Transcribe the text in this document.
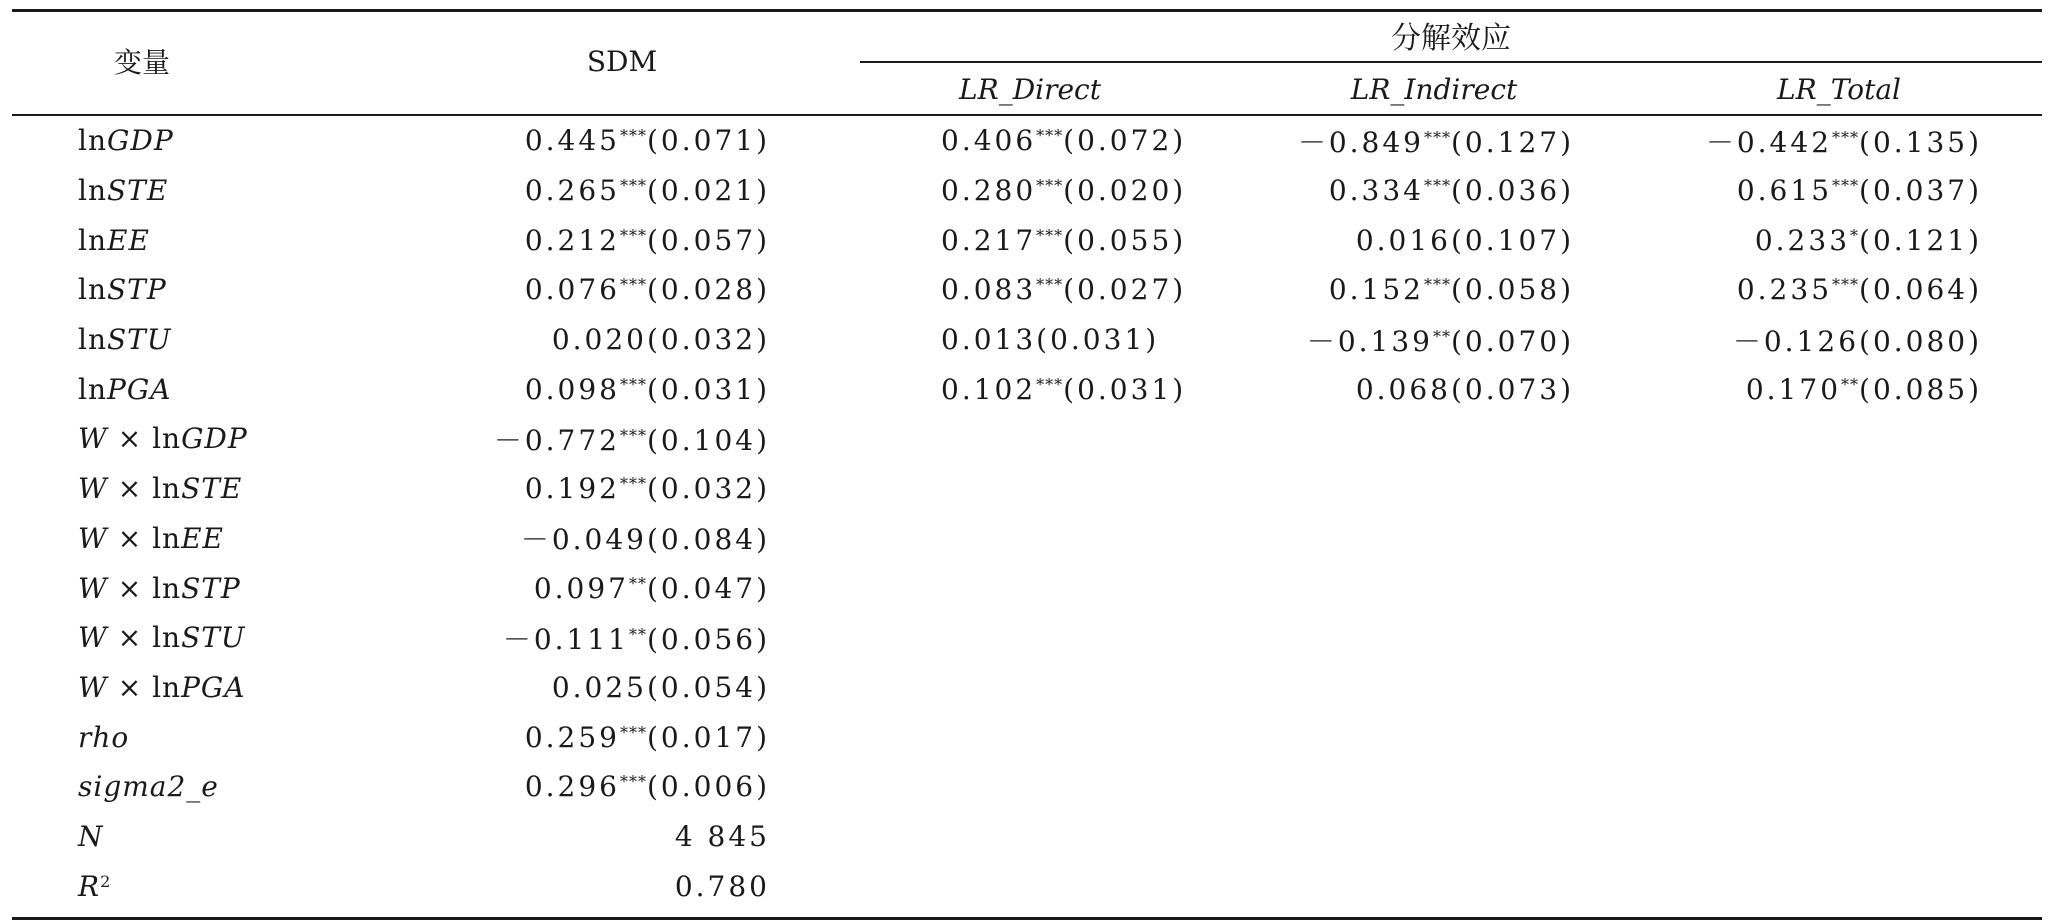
变量	SDM	分解效应		

		LR_Direct	LR_Indirect	LR_Total
lnGDP	0.445***(0.071)	0.406***(0.072)	－0.849***(0.127)	－0.442***(0.135)
lnSTE	0.265***(0.021)	0.280***(0.020)	0.334***(0.036)	0.615***(0.037)
lnEE	0.212***(0.057)	0.217***(0.055)	0.016(0.107)	0.233*(0.121)
lnSTP	0.076***(0.028)	0.083***(0.027)	0.152***(0.058)	0.235***(0.064)
lnSTU	0.020(0.032)	0.013(0.031)	－0.139**(0.070)	－0.126(0.080)
lnPGA	0.098***(0.031)	0.102***(0.031)	0.068(0.073)	0.170**(0.085)
W × lnGDP	－0.772***(0.104)			
W × lnSTE	0.192***(0.032)			
W × lnEE	－0.049(0.084)			
W × lnSTP	0.097**(0.047)			
W × lnSTU	－0.111**(0.056)			
W × lnPGA	0.025(0.054)			
rho	0.259***(0.017)			
sigma2_e	0.296***(0.006)			
N	4 845			
$R^2$	0.780			
